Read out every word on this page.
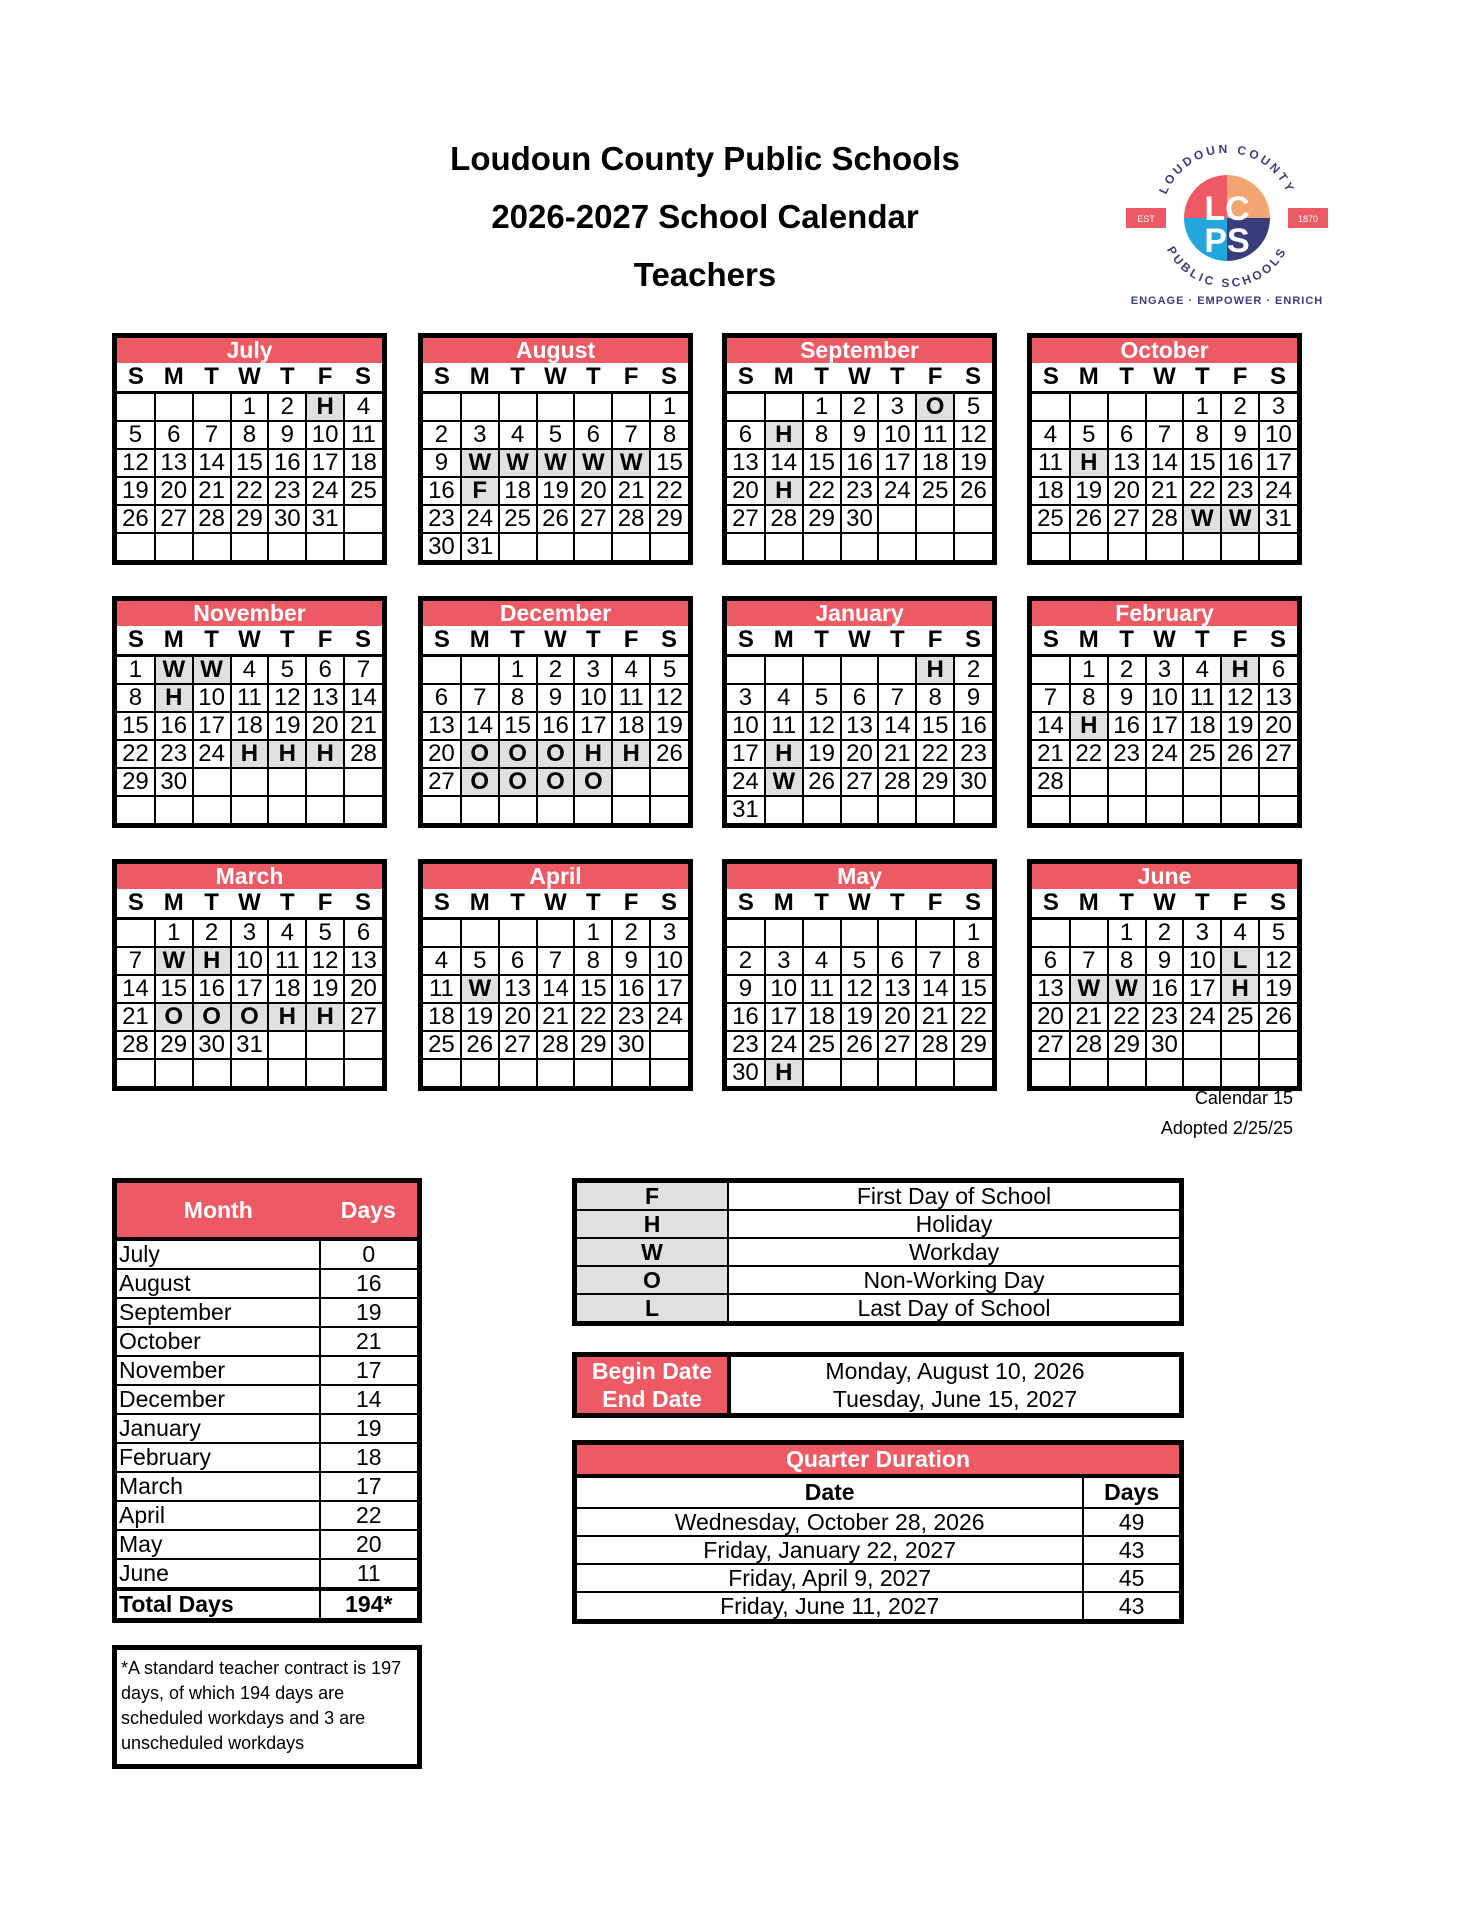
Loudoun County Public Schools
2026-2027 School Calendar
Teachers
LOUDOUN COUNTY
PUBLIC SCHOOLS
EST	1870
LC
PS
ENGAGE · EMPOWER · ENRICH
July
S	M	T	W	T	F	S
			1	2	H	4
5	6	7	8	9	10	11
12	13	14	15	16	17	18
19	20	21	22	23	24	25
26	27	28	29	30	31	

August
S	M	T	W	T	F	S
						1
2	3	4	5	6	7	8
9	W	W	W	W	W	15
16	F	18	19	20	21	22
23	24	25	26	27	28	29
30	31					
September
S	M	T	W	T	F	S
		1	2	3	O	5
6	H	8	9	10	11	12
13	14	15	16	17	18	19
20	H	22	23	24	25	26
27	28	29	30			

October
S	M	T	W	T	F	S
				1	2	3
4	5	6	7	8	9	10
11	H	13	14	15	16	17
18	19	20	21	22	23	24
25	26	27	28	W	W	31

November
S	M	T	W	T	F	S
1	W	W	4	5	6	7
8	H	10	11	12	13	14
15	16	17	18	19	20	21
22	23	24	H	H	H	28
29	30					

December
S	M	T	W	T	F	S
		1	2	3	4	5
6	7	8	9	10	11	12
13	14	15	16	17	18	19
20	O	O	O	H	H	26
27	O	O	O	O		

January
S	M	T	W	T	F	S
					H	2
3	4	5	6	7	8	9
10	11	12	13	14	15	16
17	H	19	20	21	22	23
24	W	26	27	28	29	30
31						
February
S	M	T	W	T	F	S
	1	2	3	4	H	6
7	8	9	10	11	12	13
14	H	16	17	18	19	20
21	22	23	24	25	26	27
28						

March
S	M	T	W	T	F	S
	1	2	3	4	5	6
7	W	H	10	11	12	13
14	15	16	17	18	19	20
21	O	O	O	H	H	27
28	29	30	31			

April
S	M	T	W	T	F	S
				1	2	3
4	5	6	7	8	9	10
11	W	13	14	15	16	17
18	19	20	21	22	23	24
25	26	27	28	29	30	

May
S	M	T	W	T	F	S
						1
2	3	4	5	6	7	8
9	10	11	12	13	14	15
16	17	18	19	20	21	22
23	24	25	26	27	28	29
30	H					
June
S	M	T	W	T	F	S
		1	2	3	4	5
6	7	8	9	10	L	12
13	W	W	16	17	H	19
20	21	22	23	24	25	26
27	28	29	30			

Calendar 15
Adopted 2/25/25
Month	Days
July	0
August	16
September	19
October	21
November	17
December	14
January	19
February	18
March	17
April	22
May	20
June	11
Total Days	194*
F	First Day of School
H	Holiday
W	Workday
O	Non-Working Day
L	Last Day of School
Begin Date	Monday, August 10, 2026
End Date	Tuesday, June 15, 2027
Quarter Duration	
Date	Days
Wednesday, October 28, 2026	49
Friday, January 22, 2027	43
Friday, April 9, 2027	45
Friday, June 11, 2027	43
*A standard teacher contract is 197 days, of which 194 days are scheduled workdays and 3 are unscheduled workdays
